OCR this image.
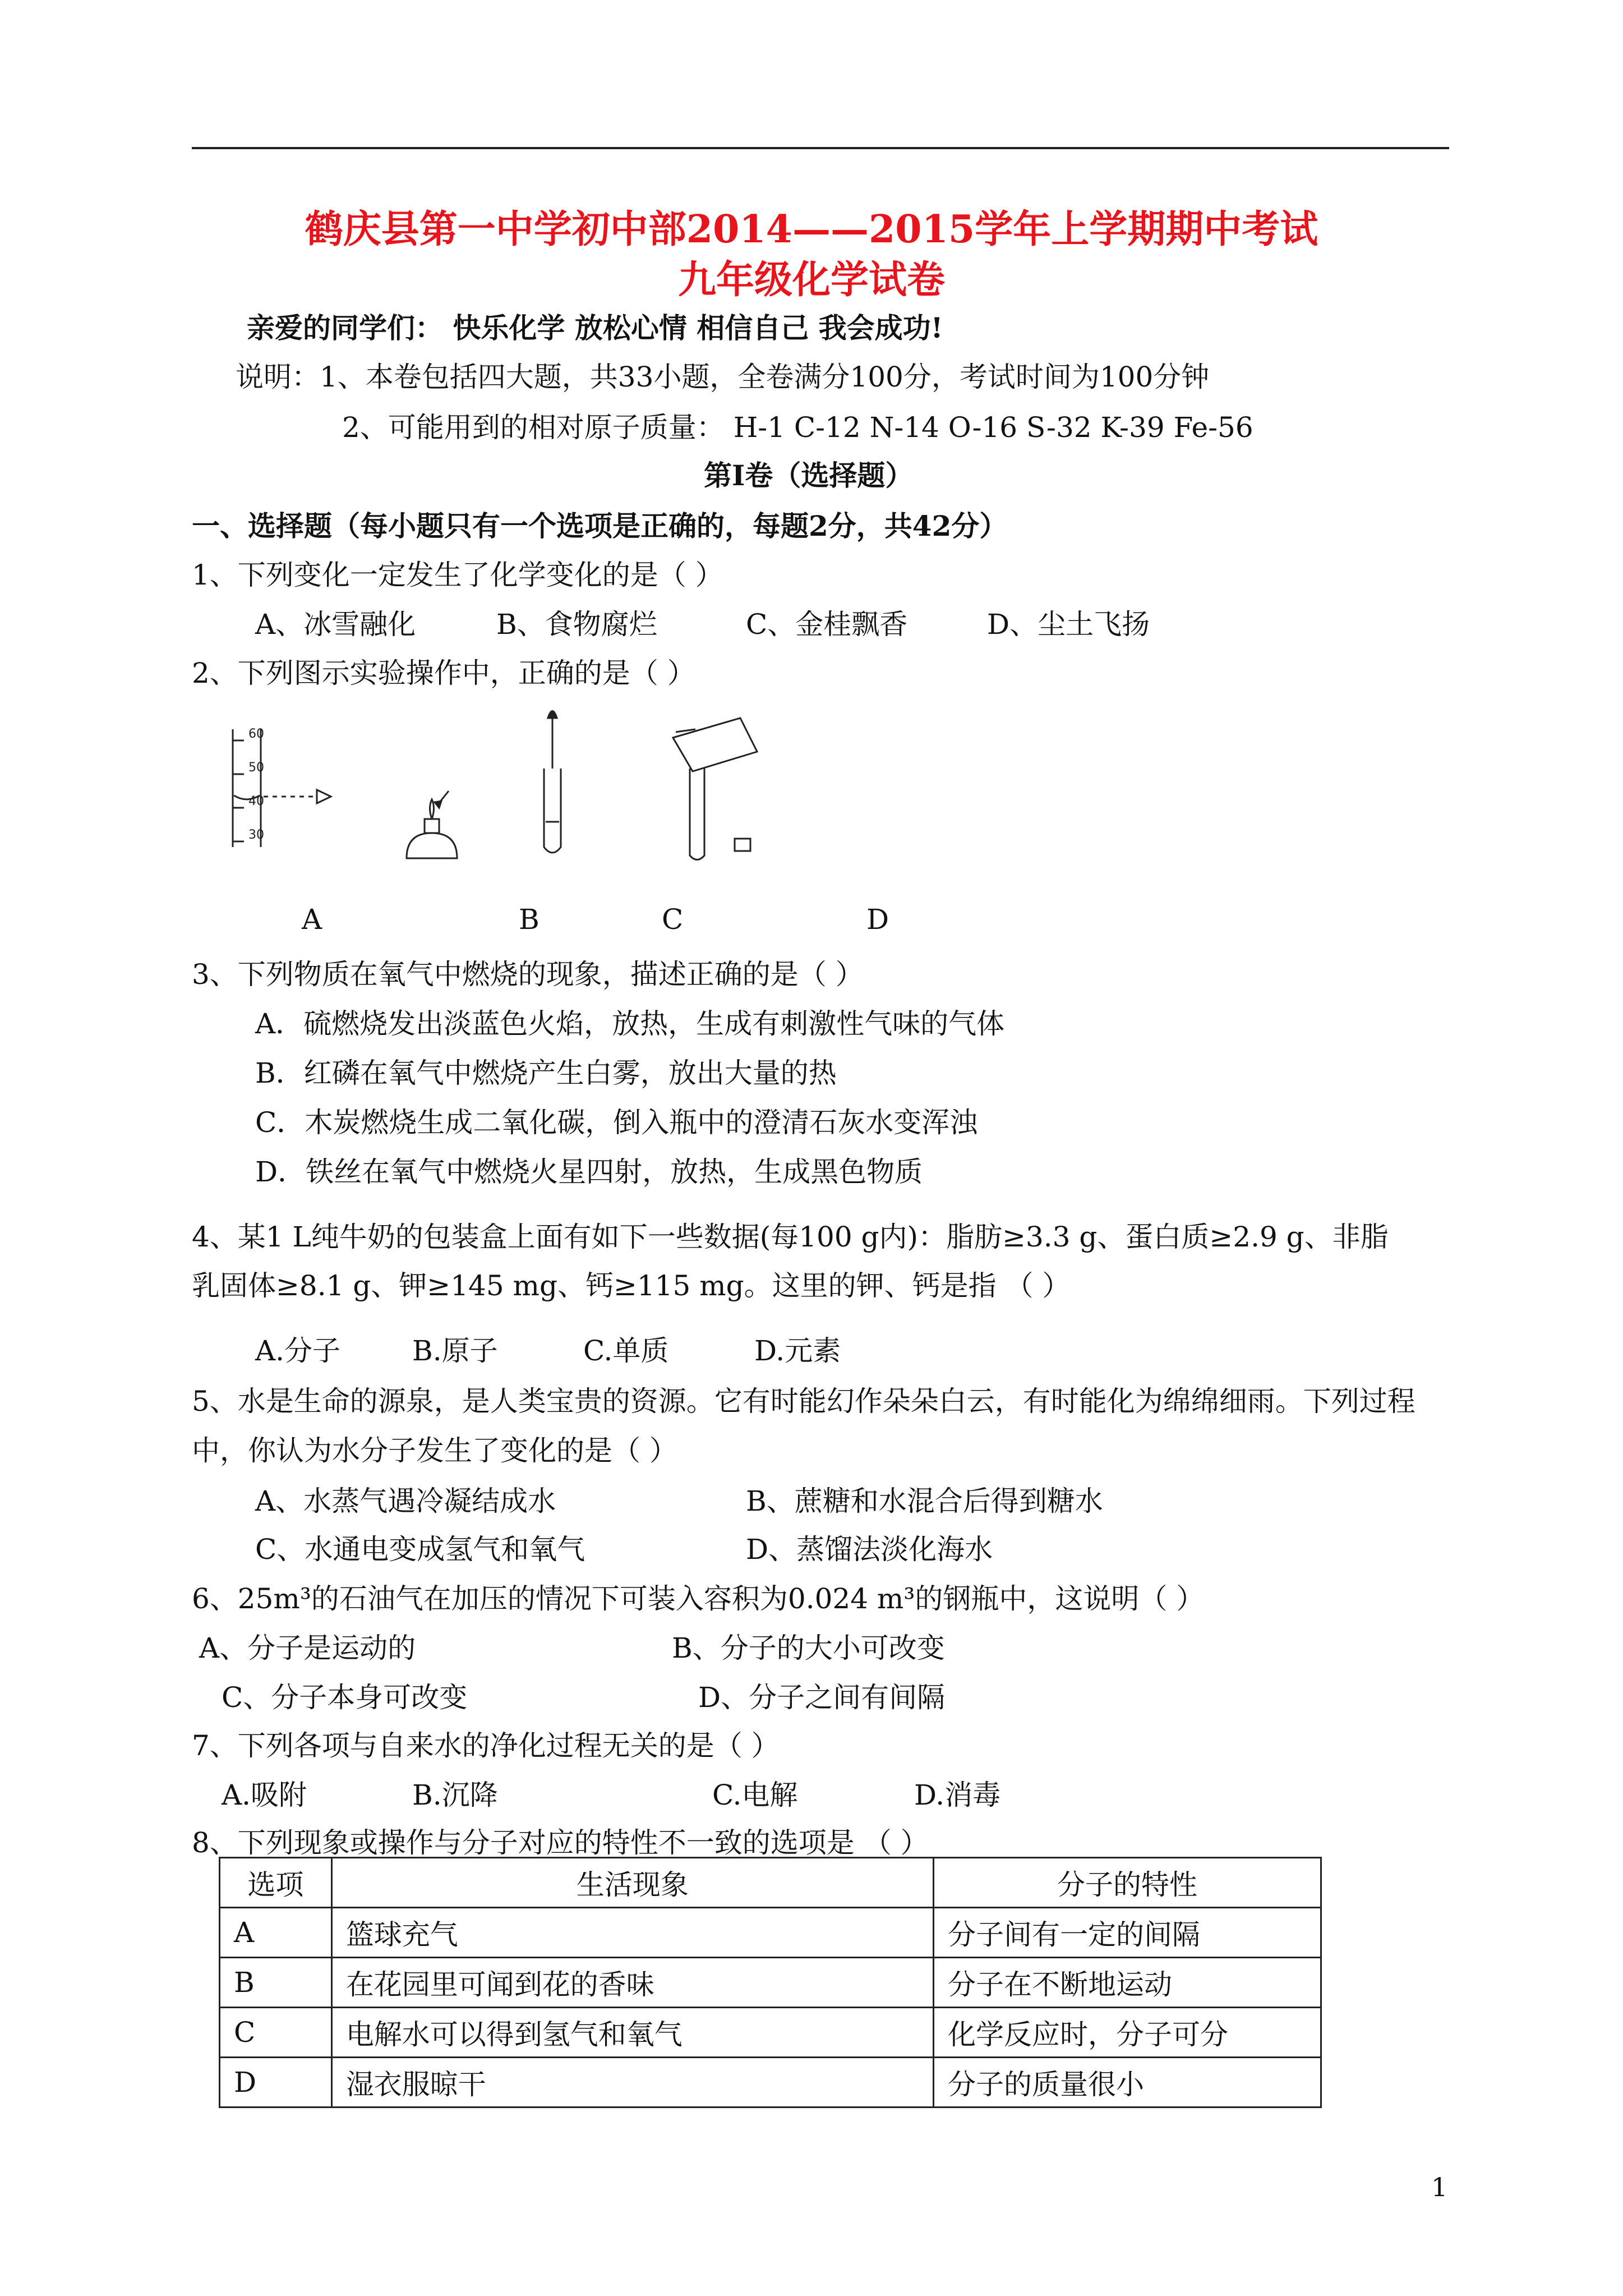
鹤庆县第一中学初中部2014——2015学年上学期期中考试
九年级化学试卷
亲爱的同学们： 快乐化学 放松心情 相信自己 我会成功!
说明：1、本卷包括四大题，共33小题，全卷满分100分，考试时间为100分钟
2、可能用到的相对原子质量： H-1 C-12 N-14 O-16 S-32 K-39 Fe-56
第Ⅰ卷（选择题）
一、选择题（每小题只有一个选项是正确的，每题2分，共42分）
1、下列变化一定发生了化学变化的是（ ）
A、冰雪融化	B、食物腐烂	C、金桂飘香	D、尘土飞扬
2、下列图示实验操作中，正确的是（ ）
60
50
40
30
A	B	C	D
3、下列物质在氧气中燃烧的现象，描述正确的是（ ）
A．硫燃烧发出淡蓝色火焰，放热，生成有刺激性气味的气体
B．红磷在氧气中燃烧产生白雾，放出大量的热
C．木炭燃烧生成二氧化碳，倒入瓶中的澄清石灰水变浑浊
D．铁丝在氧气中燃烧火星四射，放热，生成黑色物质
4、某1 L纯牛奶的包装盒上面有如下一些数据(每100 g内)：脂肪≥3.3 g、蛋白质≥2.9 g、非脂
乳固体≥8.1 g、钾≥145 mg、钙≥115 mg。这里的钾、钙是指 （ ）
A.分子	B.原子	C.单质	D.元素
5、水是生命的源泉，是人类宝贵的资源。它有时能幻作朵朵白云，有时能化为绵绵细雨。下列过程
中，你认为水分子发生了变化的是（ ）
A、水蒸气遇冷凝结成水	B、蔗糖和水混合后得到糖水
C、水通电变成氢气和氧气	D、蒸馏法淡化海水
6、25m³的石油气在加压的情况下可装入容积为0.024 m³的钢瓶中，这说明（ ）
A、分子是运动的	B、分子的大小可改变
C、分子本身可改变	D、分子之间有间隔
7、下列各项与自来水的净化过程无关的是（ ）
A.吸附	B.沉降	C.电解	D.消毒
8、下列现象或操作与分子对应的特性不一致的选项是 （ ）
选项	生活现象	分子的特性
A	篮球充气	分子间有一定的间隔
B	在花园里可闻到花的香味	分子在不断地运动
C	电解水可以得到氢气和氧气	化学反应时，分子可分
D	湿衣服晾干	分子的质量很小
1
